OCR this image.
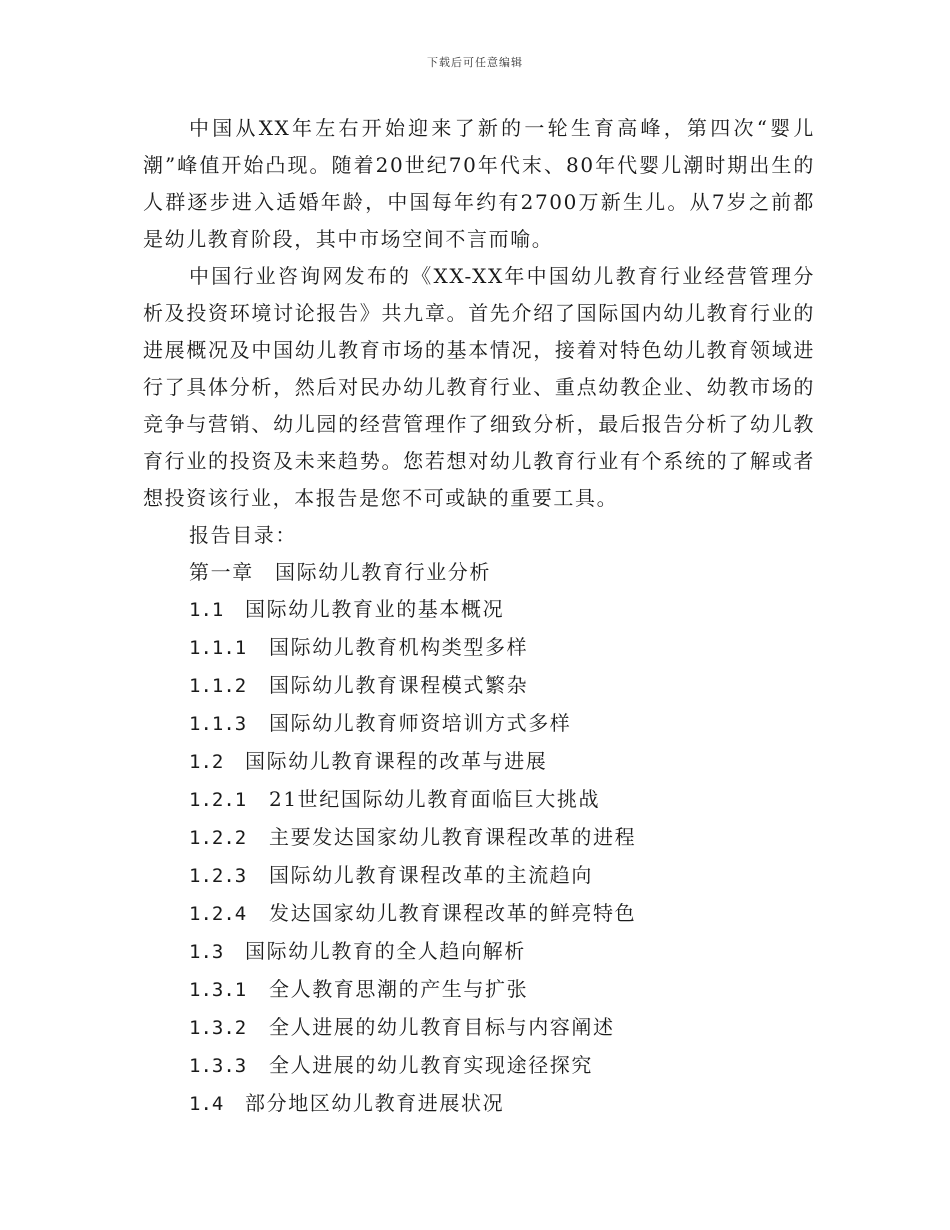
下载后可任意编辑

中国从XX年左右开始迎来了新的一轮生育高峰，第四次“婴儿潮”峰值开始凸现。随着20世纪70年代末、80年代婴儿潮时期出生的人群逐步进入适婚年龄，中国每年约有2700万新生儿。从7岁之前都是幼儿教育阶段，其中市场空间不言而喻。

中国行业咨询网发布的《XX-XX年中国幼儿教育行业经营管理分析及投资环境讨论报告》共九章。首先介绍了国际国内幼儿教育行业的进展概况及中国幼儿教育市场的基本情况，接着对特色幼儿教育领域进行了具体分析，然后对民办幼儿教育行业、重点幼教企业、幼教市场的竞争与营销、幼儿园的经营管理作了细致分析，最后报告分析了幼儿教育行业的投资及未来趋势。您若想对幼儿教育行业有个系统的了解或者想投资该行业，本报告是您不可或缺的重要工具。

报告目录：

第一章 国际幼儿教育行业分析

1.1 国际幼儿教育业的基本概况

1.1.1 国际幼儿教育机构类型多样

1.1.2 国际幼儿教育课程模式繁杂

1.1.3 国际幼儿教育师资培训方式多样

1.2 国际幼儿教育课程的改革与进展

1.2.1 21世纪国际幼儿教育面临巨大挑战

1.2.2 主要发达国家幼儿教育课程改革的进程

1.2.3 国际幼儿教育课程改革的主流趋向

1.2.4 发达国家幼儿教育课程改革的鲜亮特色

1.3 国际幼儿教育的全人趋向解析

1.3.1 全人教育思潮的产生与扩张

1.3.2 全人进展的幼儿教育目标与内容阐述

1.3.3 全人进展的幼儿教育实现途径探究

1.4 部分地区幼儿教育进展状况
